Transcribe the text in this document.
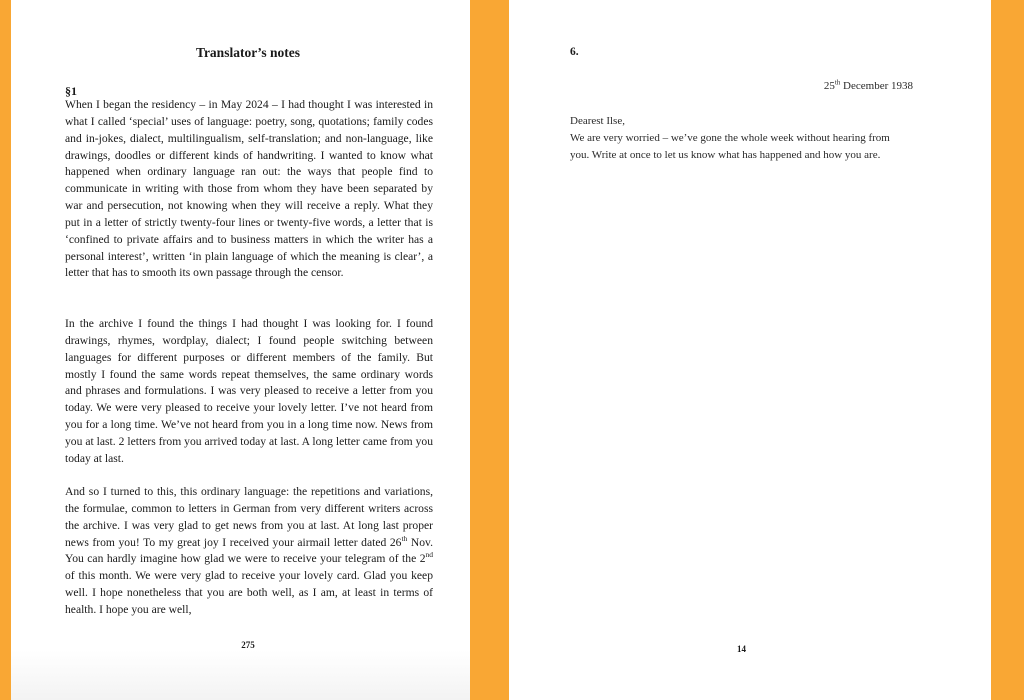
Translator’s notes
§1

When I began the residency – in May 2024 – I had thought I was interested in what I called ‘special’ uses of language: poetry, song, quotations; family codes and in-jokes, dialect, multilingualism, self-translation; and non-language, like drawings, doodles or different kinds of handwriting. I wanted to know what happened when ordinary language ran out: the ways that people find to communicate in writing with those from whom they have been separated by war and persecution, not knowing when they will receive a reply. What they put in a letter of strictly twenty-four lines or twenty-five words, a letter that is ‘confined to private affairs and to business matters in which the writer has a personal interest’, written ‘in plain language of which the meaning is clear’, a letter that has to smooth its own passage through the censor.

In the archive I found the things I had thought I was looking for. I found drawings, rhymes, wordplay, dialect; I found people switching between languages for different purposes or different members of the family. But mostly I found the same words repeat themselves, the same ordinary words and phrases and formulations. I was very pleased to receive a letter from you today. We were very pleased to receive your lovely letter. I’ve not heard from you for a long time. We’ve not heard from you in a long time now. News from you at last. 2 letters from you arrived today at last. A long letter came from you today at last.

And so I turned to this, this ordinary language: the repetitions and variations, the formulae, common to letters in German from very different writers across the archive. I was very glad to get news from you at last. At long last proper news from you! To my great joy I received your airmail letter dated 26th Nov. You can hardly imagine how glad we were to receive your telegram of the 2nd of this month. We were very glad to receive your lovely card. Glad you keep well. I hope nonetheless that you are both well, as I am, at least in terms of health. I hope you are well,

275
6.
25th December 1938

Dearest Ilse,

We are very worried – we’ve gone the whole week without hearing from you. Write at once to let us know what has happened and how you are.

14
